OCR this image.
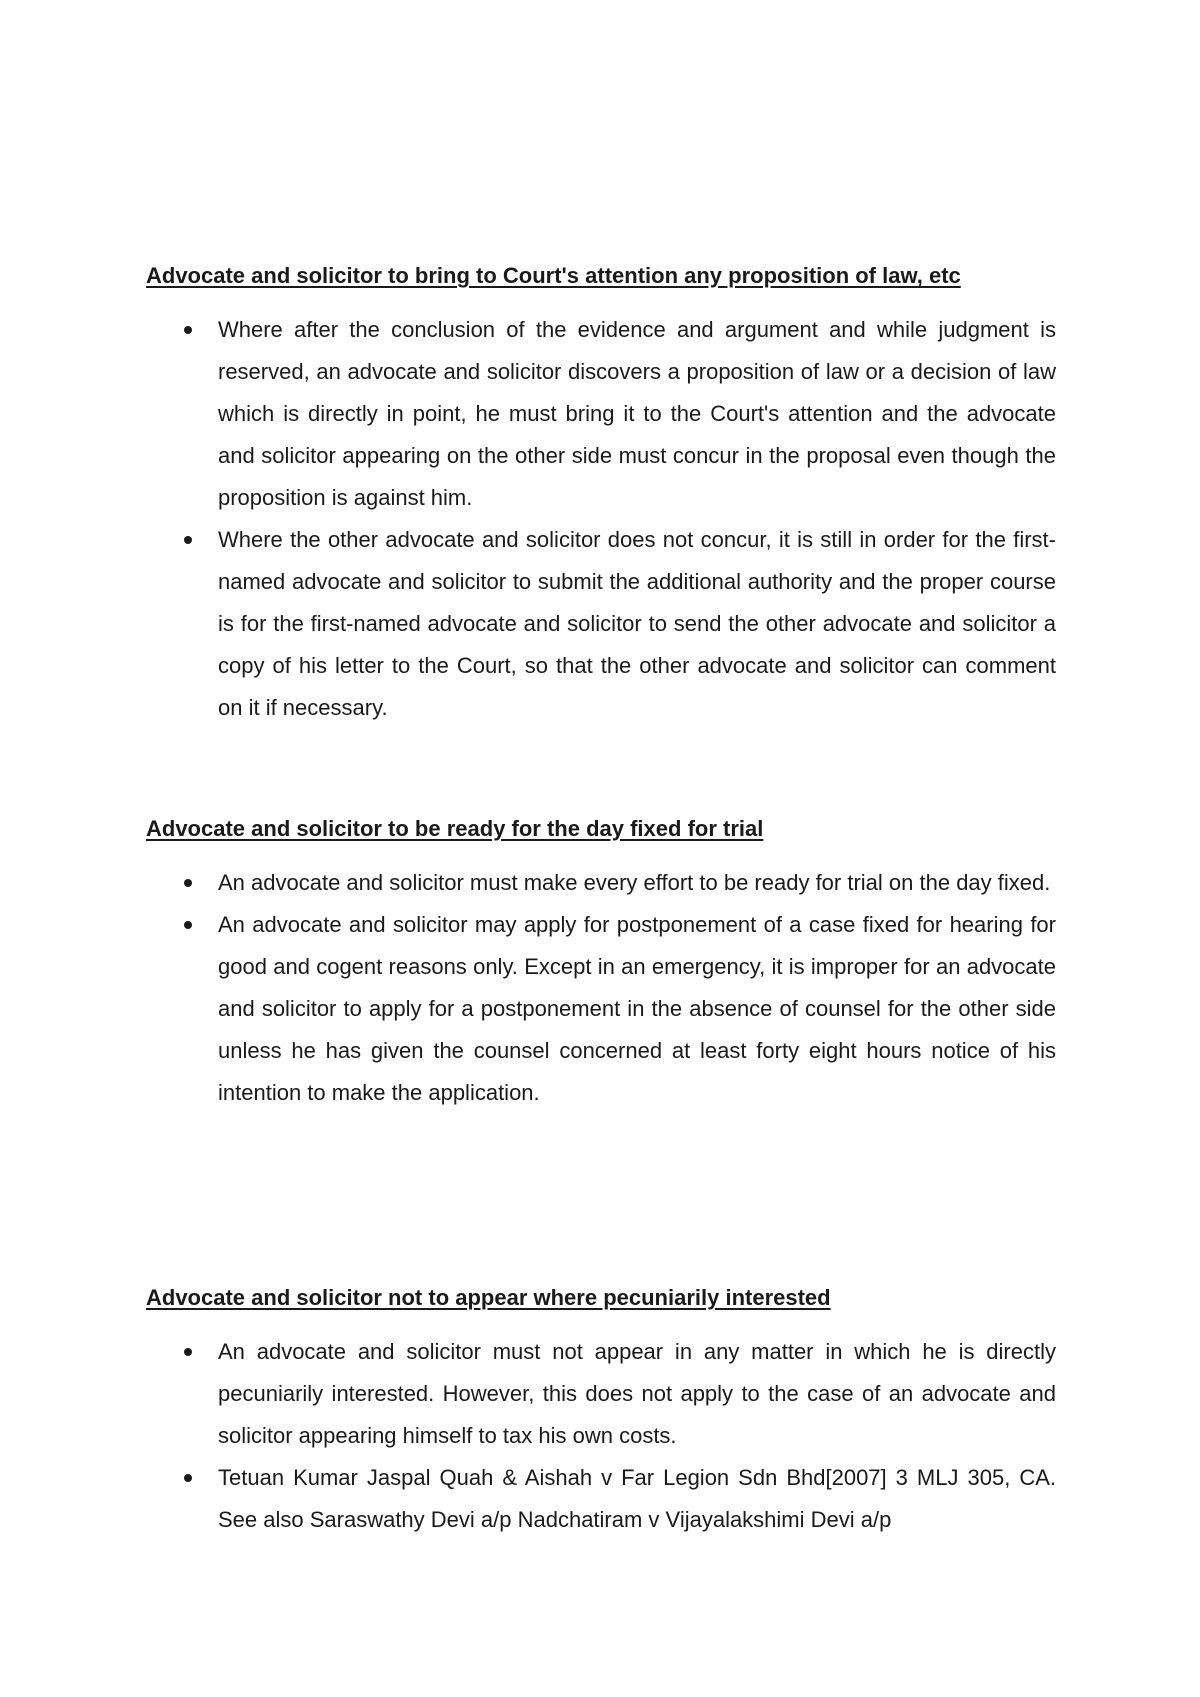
Advocate and solicitor to bring to Court's attention any proposition of law, etc
Where after the conclusion of the evidence and argument and while judgment is reserved, an advocate and solicitor discovers a proposition of law or a decision of law which is directly in point, he must bring it to the Court's attention and the advocate and solicitor appearing on the other side must concur in the proposal even though the proposition is against him.
Where the other advocate and solicitor does not concur, it is still in order for the first-named advocate and solicitor to submit the additional authority and the proper course is for the first-named advocate and solicitor to send the other advocate and solicitor a copy of his letter to the Court, so that the other advocate and solicitor can comment on it if necessary.
Advocate and solicitor to be ready for the day fixed for trial
An advocate and solicitor must make every effort to be ready for trial on the day fixed.
An advocate and solicitor may apply for postponement of a case fixed for hearing for good and cogent reasons only. Except in an emergency, it is improper for an advocate and solicitor to apply for a postponement in the absence of counsel for the other side unless he has given the counsel concerned at least forty eight hours notice of his intention to make the application.
Advocate and solicitor not to appear where pecuniarily interested
An advocate and solicitor must not appear in any matter in which he is directly pecuniarily interested. However, this does not apply to the case of an advocate and solicitor appearing himself to tax his own costs.
Tetuan Kumar Jaspal Quah & Aishah v Far Legion Sdn Bhd[2007] 3 MLJ 305, CA. See also Saraswathy Devi a/p Nadchatiram v Vijayalakshimi Devi a/p
